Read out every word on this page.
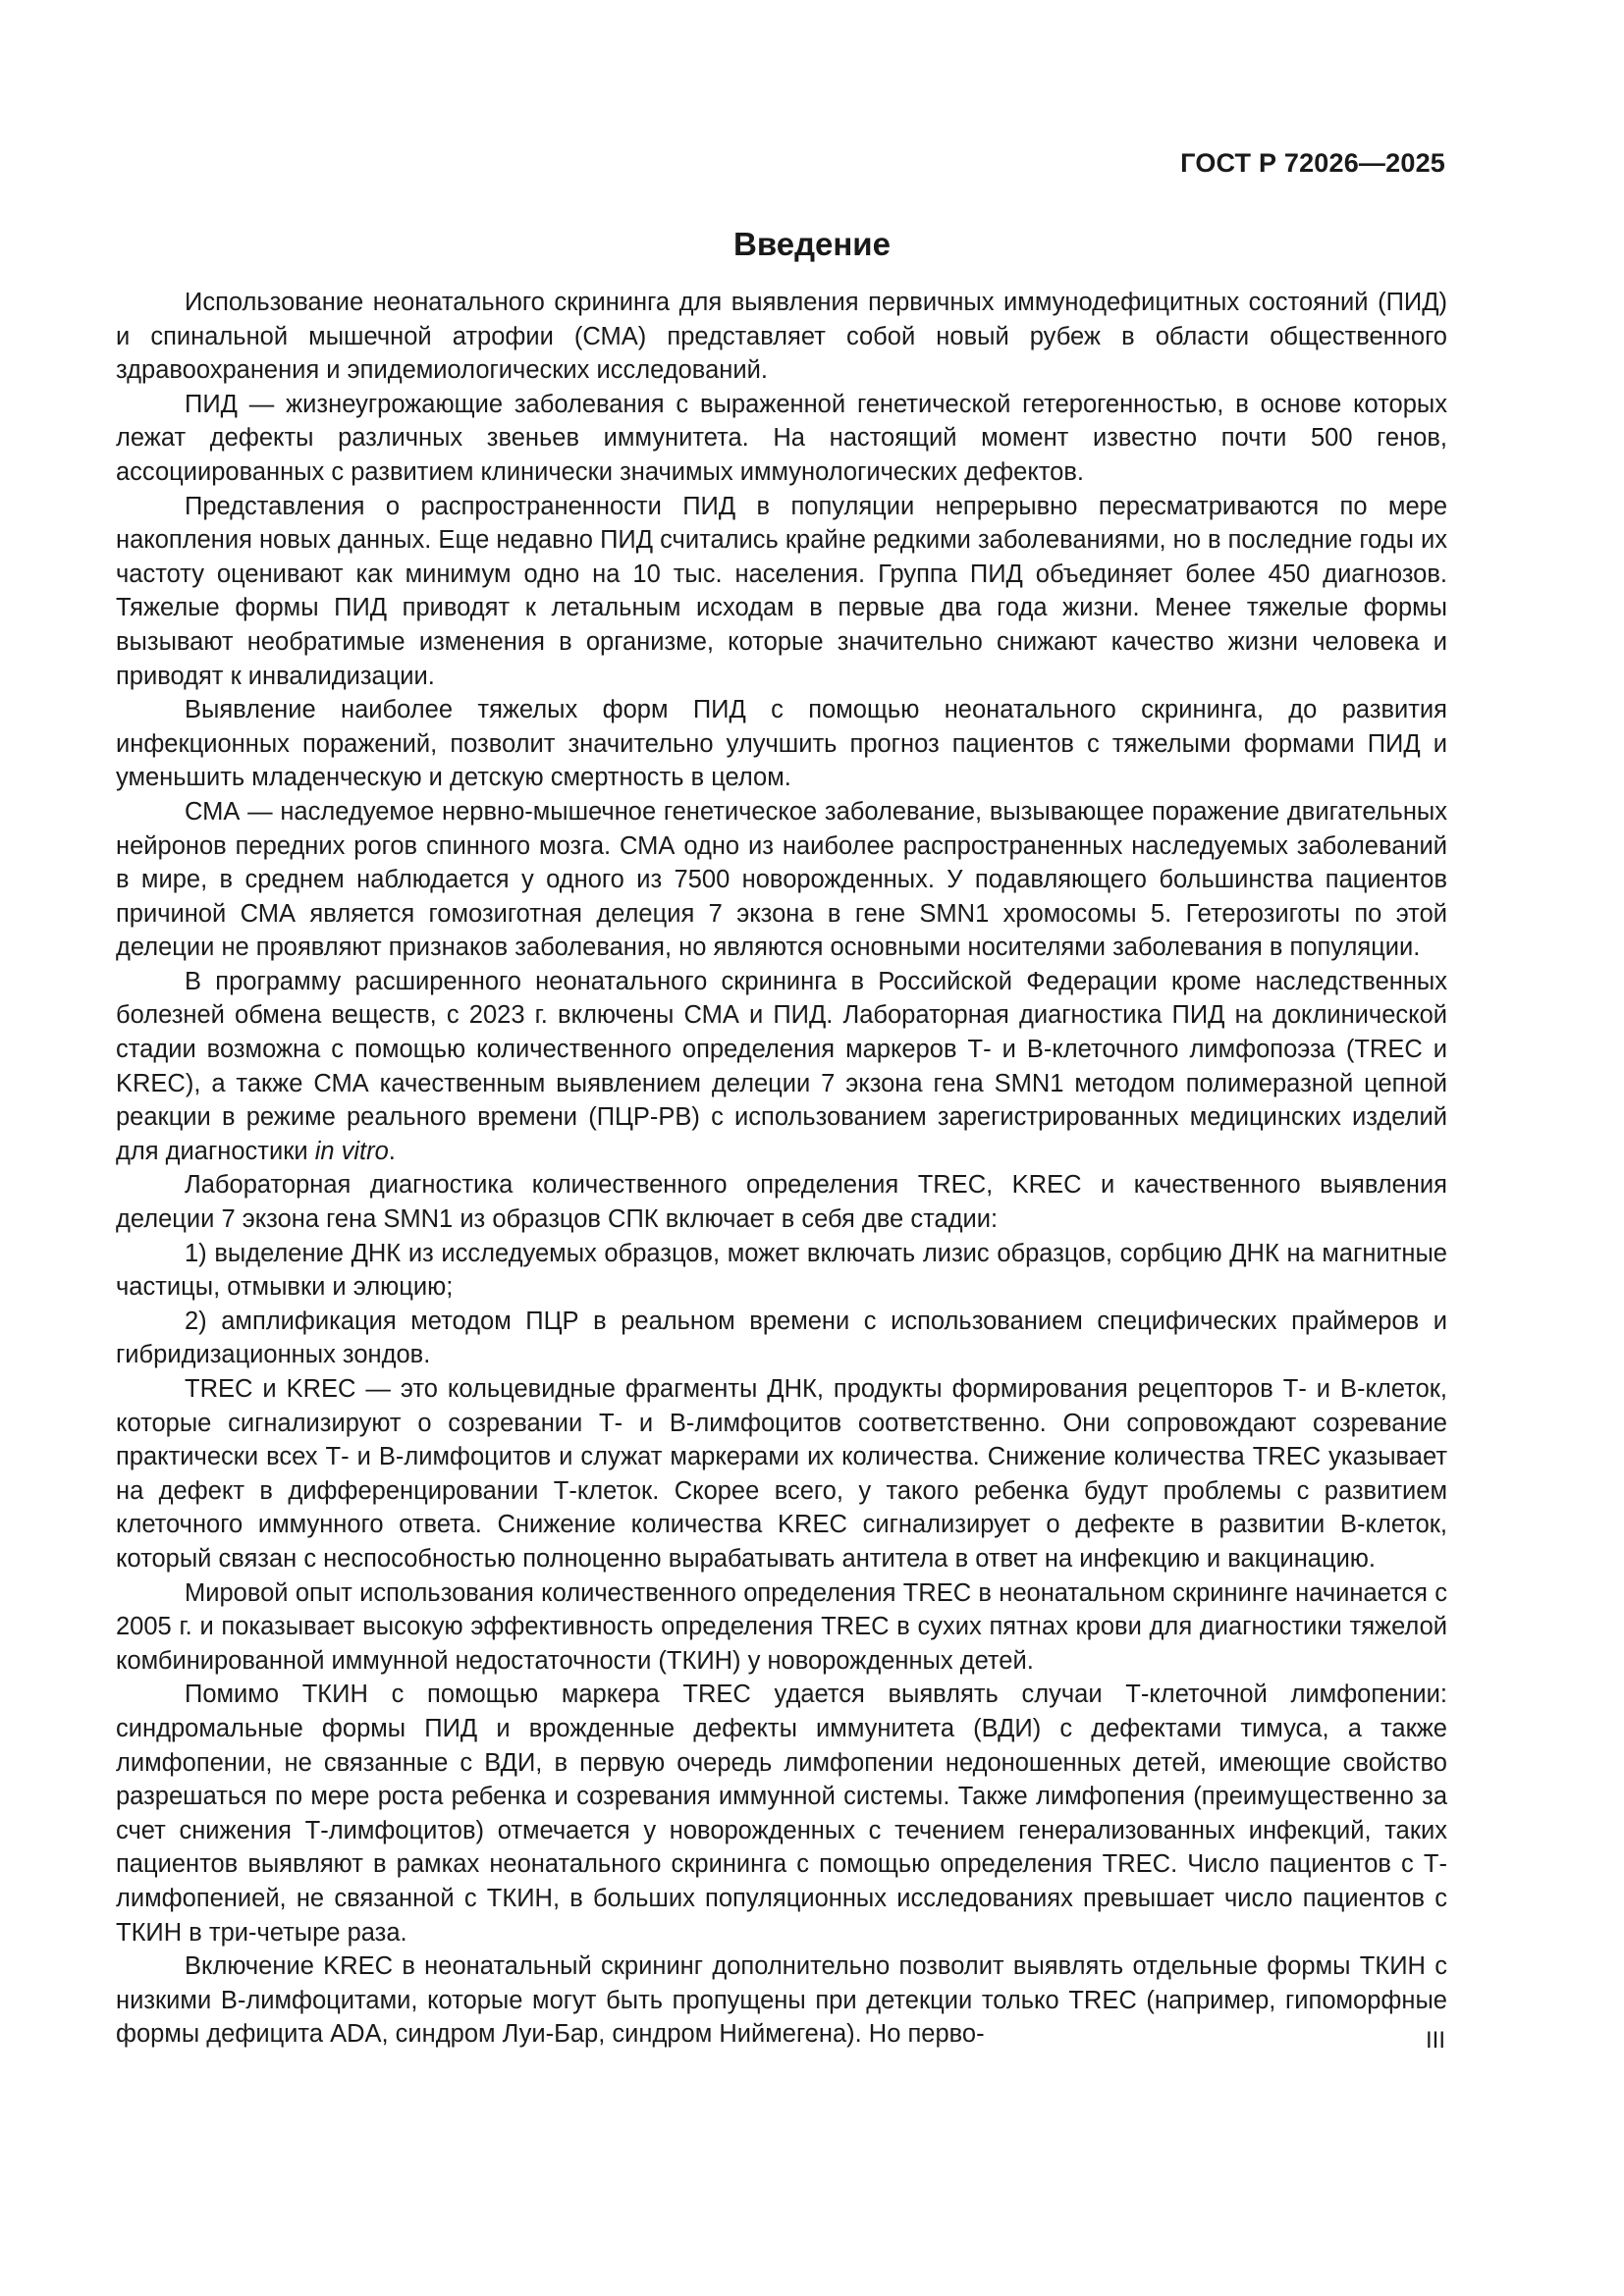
ГОСТ Р 72026—2025
Введение

Использование неонатального скрининга для выявления первичных иммунодефицитных состояний (ПИД) и спинальной мышечной атрофии (СМА) представляет собой новый рубеж в области общественного здравоохранения и эпидемиологических исследований.

ПИД — жизнеугрожающие заболевания с выраженной генетической гетерогенностью, в основе которых лежат дефекты различных звеньев иммунитета. На настоящий момент известно почти 500 генов, ассоциированных с развитием клинически значимых иммунологических дефектов.

Представления о распространенности ПИД в популяции непрерывно пересматриваются по мере накопления новых данных. Еще недавно ПИД считались крайне редкими заболеваниями, но в последние годы их частоту оценивают как минимум одно на 10 тыс. населения. Группа ПИД объединяет более 450 диагнозов. Тяжелые формы ПИД приводят к летальным исходам в первые два года жизни. Менее тяжелые формы вызывают необратимые изменения в организме, которые значительно снижают качество жизни человека и приводят к инвалидизации.

Выявление наиболее тяжелых форм ПИД с помощью неонатального скрининга, до развития инфекционных поражений, позволит значительно улучшить прогноз пациентов с тяжелыми формами ПИД и уменьшить младенческую и детскую смертность в целом.

СМА — наследуемое нервно-мышечное генетическое заболевание, вызывающее поражение двигательных нейронов передних рогов спинного мозга. СМА одно из наиболее распространенных наследуемых заболеваний в мире, в среднем наблюдается у одного из 7500 новорожденных. У подавляющего большинства пациентов причиной СМА является гомозиготная делеция 7 экзона в гене SMN1 хромосомы 5. Гетерозиготы по этой делеции не проявляют признаков заболевания, но являются основными носителями заболевания в популяции.

В программу расширенного неонатального скрининга в Российской Федерации кроме наследственных болезней обмена веществ, с 2023 г. включены СМА и ПИД. Лабораторная диагностика ПИД на доклинической стадии возможна с помощью количественного определения маркеров Т- и В-клеточного лимфопоэза (TREC и KREC), а также СМА качественным выявлением делеции 7 экзона гена SMN1 методом полимеразной цепной реакции в режиме реального времени (ПЦР-РВ) с использованием зарегистрированных медицинских изделий для диагностики in vitro.

Лабораторная диагностика количественного определения TREC, KREC и качественного выявления делеции 7 экзона гена SMN1 из образцов СПК включает в себя две стадии:

1) выделение ДНК из исследуемых образцов, может включать лизис образцов, сорбцию ДНК на магнитные частицы, отмывки и элюцию;

2) амплификация методом ПЦР в реальном времени с использованием специфических праймеров и гибридизационных зондов.

TREC и KREC — это кольцевидные фрагменты ДНК, продукты формирования рецепторов Т- и В-клеток, которые сигнализируют о созревании Т- и В-лимфоцитов соответственно. Они сопровождают созревание практически всех Т- и В-лимфоцитов и служат маркерами их количества. Снижение количества TREC указывает на дефект в дифференцировании Т-клеток. Скорее всего, у такого ребенка будут проблемы с развитием клеточного иммунного ответа. Снижение количества KREC сигнализирует о дефекте в развитии В-клеток, который связан с неспособностью полноценно вырабатывать антитела в ответ на инфекцию и вакцинацию.

Мировой опыт использования количественного определения TREC в неонатальном скрининге начинается с 2005 г. и показывает высокую эффективность определения TREC в сухих пятнах крови для диагностики тяжелой комбинированной иммунной недостаточности (ТКИН) у новорожденных детей.

Помимо ТКИН с помощью маркера TREC удается выявлять случаи Т-клеточной лимфопении: синдромальные формы ПИД и врожденные дефекты иммунитета (ВДИ) с дефектами тимуса, а также лимфопении, не связанные с ВДИ, в первую очередь лимфопении недоношенных детей, имеющие свойство разрешаться по мере роста ребенка и созревания иммунной системы. Также лимфопения (преимущественно за счет снижения Т-лимфоцитов) отмечается у новорожденных с течением генерализованных инфекций, таких пациентов выявляют в рамках неонатального скрининга с помощью определения TREC. Число пациентов с Т-лимфопенией, не связанной с ТКИН, в больших популяционных исследованиях превышает число пациентов с ТКИН в три-четыре раза.

Включение KREC в неонатальный скрининг дополнительно позволит выявлять отдельные формы ТКИН с низкими В-лимфоцитами, которые могут быть пропущены при детекции только TREC (например, гипоморфные формы дефицита ADA, синдром Луи-Бар, синдром Ниймегена). Но перво-	III
